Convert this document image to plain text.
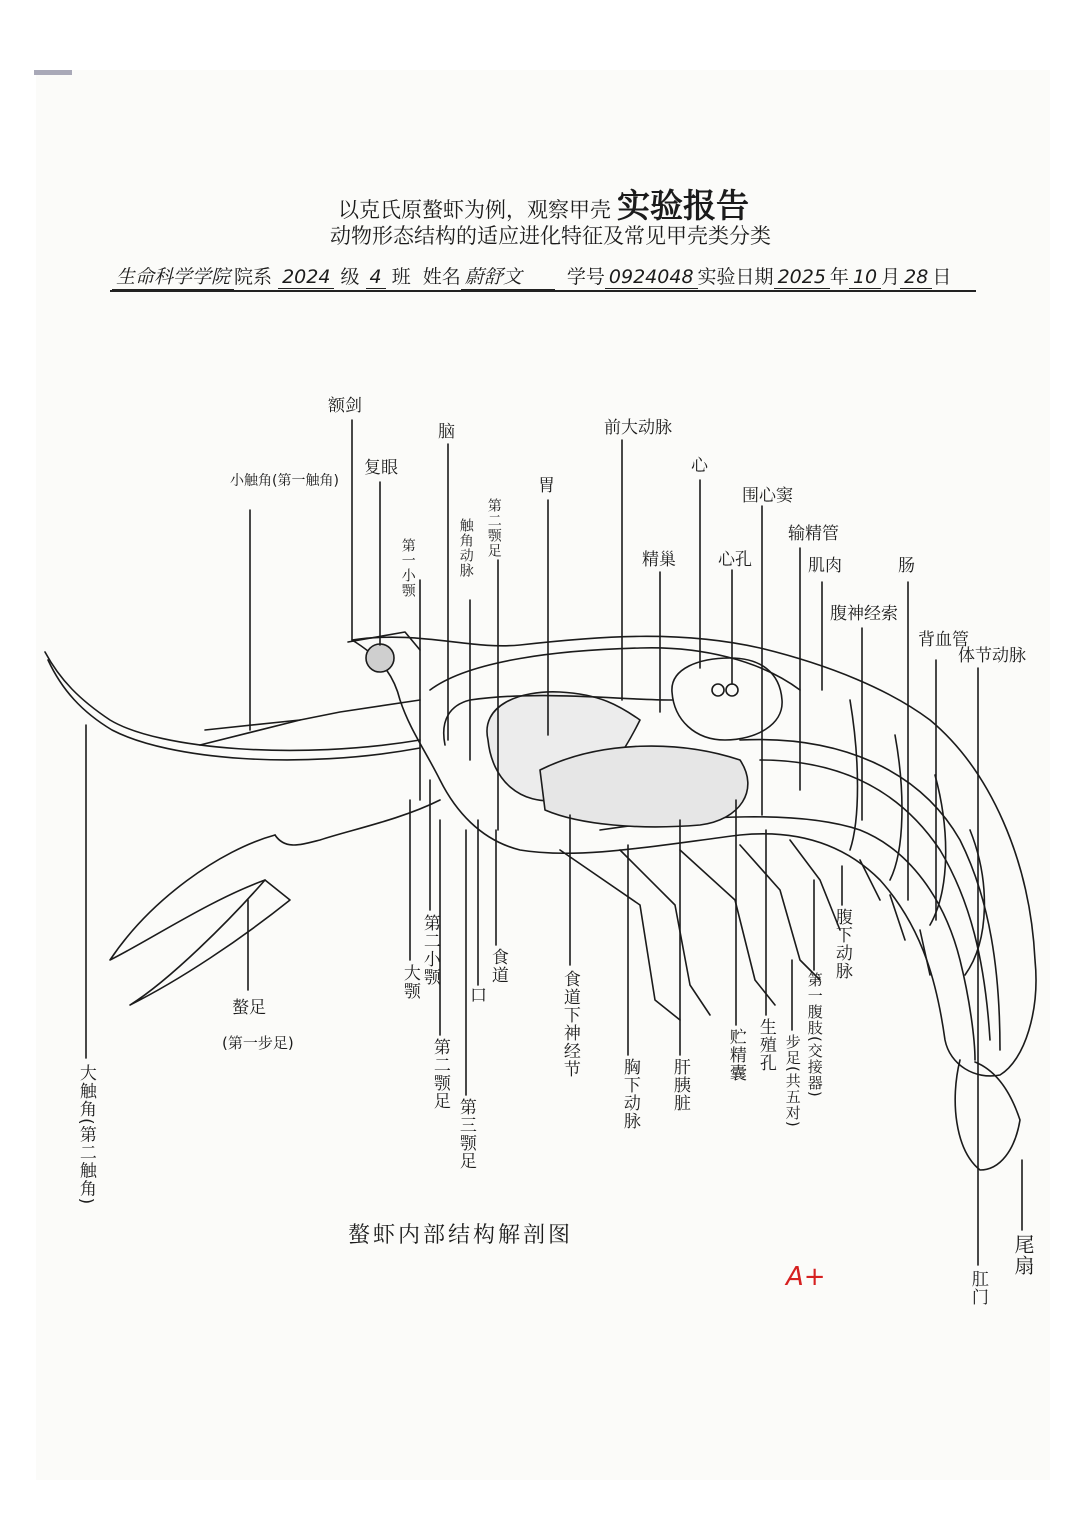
以克氏原螯虾为例，观察甲壳 实验报告
动物形态结构的适应进化特征及常见甲壳类分类
生命科学学院 院系 2024 级 4 班 姓名 蔚舒文 学号 0924048 实验日期 2025 年 10 月 28 日
额剑
脑	前大动脉
心
小触角(第一触角)
复眼
围心窦
输精管
第一小颚	触角动脉 第二颚足
胃
精巢 心孔	肌肉	肠
腹神经索
背血管
体节动脉
腹下动脉
螯足
(第一步足)
第二小颚	食道
口
大颚	食道下神经节
胸下动脉 肝胰脏
生殖孔
贮精囊	第一腹肢(交接器)
步足(共五对)
第二颚足
第三颚足
大触角(第二触角)
尾扇
肛门
螯虾内部结构解剖图
A+
